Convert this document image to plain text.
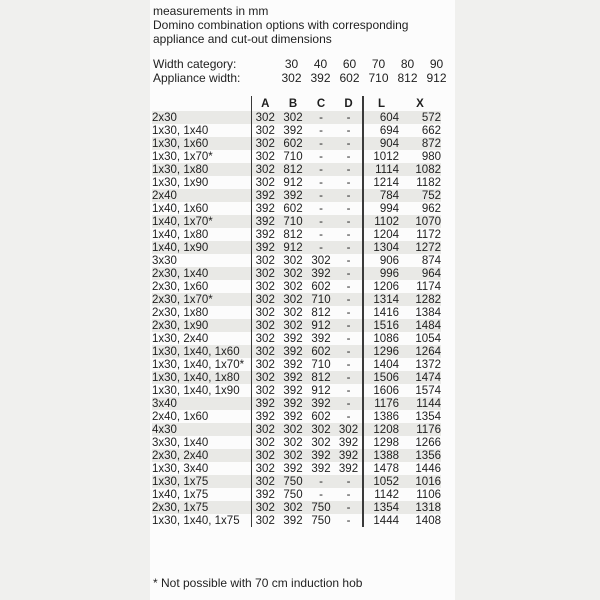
measurements in mm
Domino combination options with corresponding
appliance and cut-out dimensions
Width category:	30	40	60	70	80	90
Appliance width:	302 392 602 710 812 912
	A	B	C	D	L	X
2x30	302	302	-	-	604	572
1x30, 1x40	302	392	-	-	694	662
1x30, 1x60	302	602	-	-	904	872
1x30, 1x70*	302	710	-	-	1012	980
1x30, 1x80	302	812	-	-	1114	1082
1x30, 1x90	302	912	-	-	1214	1182
2x40	392	392	-	-	784	752
1x40, 1x60	392	602	-	-	994	962
1x40, 1x70*	392	710	-	-	1102	1070
1x40, 1x80	392	812	-	-	1204	1172
1x40, 1x90	392	912	-	-	1304	1272
3x30	302	302	302	-	906	874
2x30, 1x40	302	302	392	-	996	964
2x30, 1x60	302	302	602	-	1206	1174
2x30, 1x70*	302	302	710	-	1314	1282
2x30, 1x80	302	302	812	-	1416	1384
2x30, 1x90	302	302	912	-	1516	1484
1x30, 2x40	302	392	392	-	1086	1054
1x30, 1x40, 1x60	302	392	602	-	1296	1264
1x30, 1x40, 1x70*	302	392	710	-	1404	1372
1x30, 1x40, 1x80	302	392	812	-	1506	1474
1x30, 1x40, 1x90	302	392	912	-	1606	1574
3x40	392	392	392	-	1176	1144
2x40, 1x60	392	392	602	-	1386	1354
4x30	302	302	302	302	1208	1176
3x30, 1x40	302	302	302	392	1298	1266
2x30, 2x40	302	302	392	392	1388	1356
1x30, 3x40	302	392	392	392	1478	1446
1x30, 1x75	302	750	-	-	1052	1016
1x40, 1x75	392	750	-	-	1142	1106
2x30, 1x75	302	302	750	-	1354	1318
1x30, 1x40, 1x75	302	392	750	-	1444	1408
* Not possible with 70 cm induction hob
